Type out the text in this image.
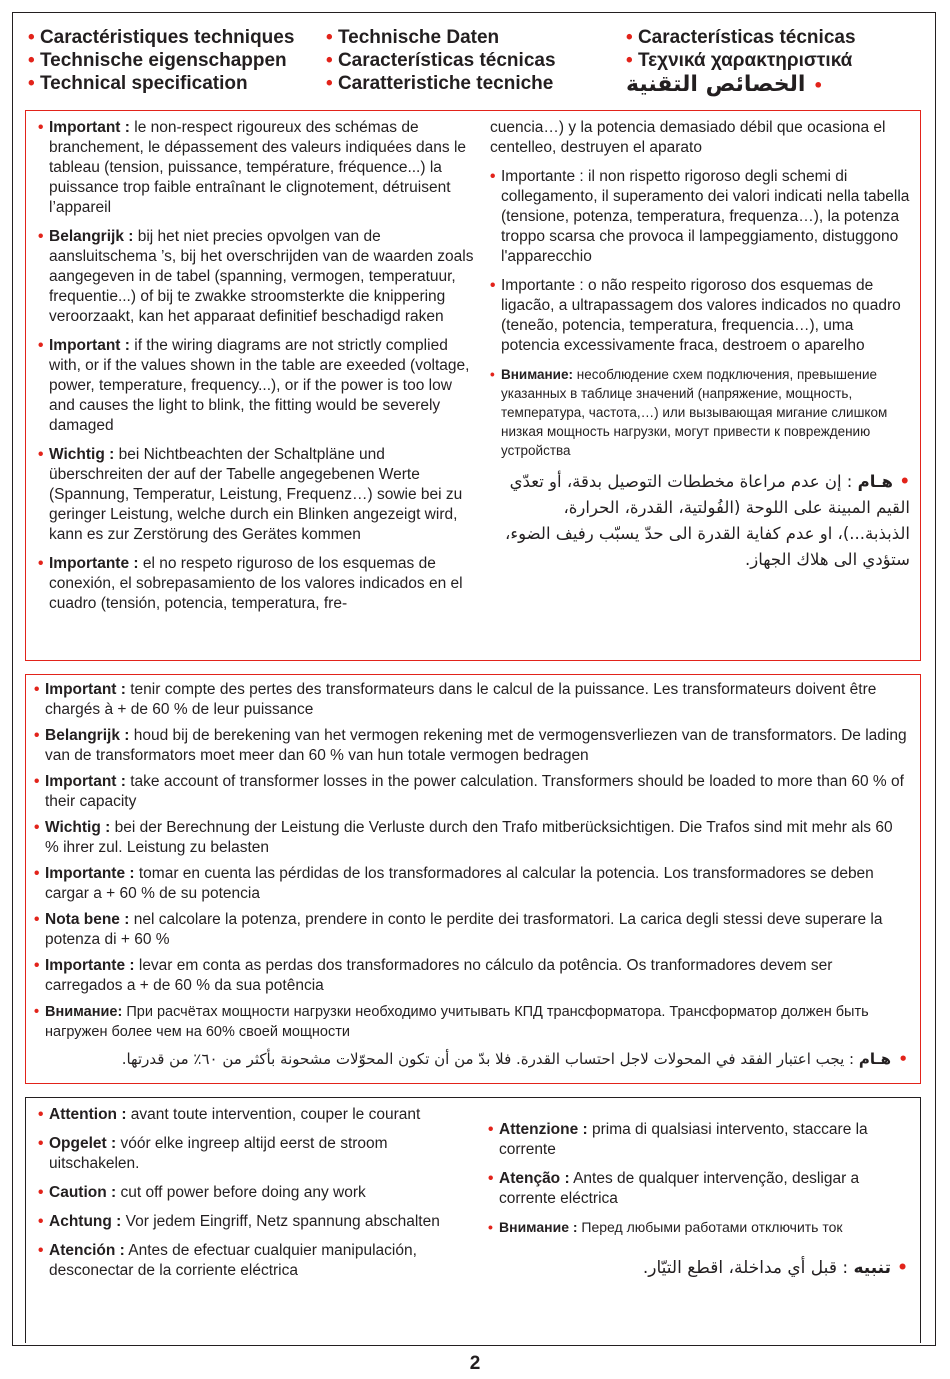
• Caractéristiques techniques
• Technische eigenschappen
• Technical specification
• Technische Daten
• Características técnicas
• Caratteristiche tecniche
• Características técnicas
• Τεχνικά χαρακτηριστικά
• الخصائص التقنية

• Important : le non-respect rigoureux des schémas de branchement, le dépassement des valeurs indiquées dans le tableau (tension, puissance, température, fréquence...) la puissance trop faible entraînant le clignotement, détruisent l’appareil

• Belangrijk : bij het niet precies opvolgen van de aansluitschema ’s, bij het overschrijden van de waarden zoals aangegeven in de tabel (spanning, vermogen, temperatuur, frequentie...) of bij te zwakke stroomsterkte die knippering veroorzaakt, kan het apparaat definitief beschadigd raken

• Important : if the wiring diagrams are not strictly complied with, or if the values shown in the table are exeeded (voltage, power, temperature, frequency...), or if the power is too low and causes the light to blink, the fitting would be severely damaged

• Wichtig : bei Nichtbeachten der Schaltpläne und überschreiten der auf der Tabelle angegebenen Werte (Spannung, Temperatur, Leistung, Frequenz…) sowie bei zu geringer Leistung, welche durch ein Blinken angezeigt wird, kann es zur Zerstörung des Gerätes kommen

• Importante : el no respeto riguroso de los esquemas de conexión, el sobrepasamiento de los valores indicados en el cuadro (tensión, potencia, temperatura, fre-

cuencia…) y la potencia demasiado débil que ocasiona el centelleo, destruyen el aparato

• Importante : il non rispetto rigoroso degli schemi di collegamento, il superamento dei valori indicati nella tabella (tensione, potenza, temperatura, frequenza…), la potenza troppo scarsa che provoca il lampeggiamento, distuggono l'apparecchio

• Importante : o não respeito rigoroso dos esquemas de ligacão, a ultrapassagem dos valores indicados no quadro (teneão, potencia, temperatura, frequencia…), uma potencia excessivamente fraca, destroem o aparelho

• Внимание: несоблюдение схем подключения, превышение указанных в таблице значений (напряжение, мощность, температура, частота,…) или вызывающая мигание слишком низкая мощность нагрузки, могут привести к повреждению устройства

•هـام : إن عدم مراعاة مخططات التوصيل بدقة، أو تعدّي القيم المبينة على اللوحة (الفُولتية، القدرة، الحرارة، الذبذبة...)، او عدم كفاية القدرة الى حدّ يسبّب رفيف الضوء، ستؤدي الى هلاك الجهاز.

• Important : tenir compte des pertes des transformateurs dans le calcul de la puissance. Les transformateurs doivent être chargés à + de 60 % de leur puissance

• Belangrijk : houd bij de berekening van het vermogen rekening met de vermogensverliezen van de transformators. De lading van de transformators moet meer dan 60 % van hun totale vermogen bedragen

• Important : take account of transformer losses in the power calculation. Transformers should be loaded to more than 60 % of their capacity

• Wichtig : bei der Berechnung der Leistung die Verluste durch den Trafo mitberücksichtigen. Die Trafos sind mit mehr als 60 % ihrer zul. Leistung zu belasten

• Importante : tomar en cuenta las pérdidas de los transformadores al calcular la potencia. Los transformadores se deben cargar a + 60 % de su potencia

• Nota bene : nel calcolare la potenza, prendere in conto le perdite dei trasformatori. La carica degli stessi deve superare la potenza di + 60 %

• Importante : levar em conta as perdas dos transformadores no cálculo da potência. Os tranformadores devem ser carregados a + de 60 % da sua potência

• Внимание: При расчётах мощности нагрузки необходимо учитывать КПД трансформатора. Трансформатор должен быть нагружен более чем на 60% своей мощности

•هـام : يجب اعتبار الفقد في المحولات لاجل احتساب القدرة. فلا بدّ من أن تكون المحوّلات مشحونة بأكثر من ٦٠٪ من قدرتها.

• Attention : avant toute intervention, couper le courant

• Opgelet : vóór elke ingreep altijd eerst de stroom uitschakelen.

• Caution : cut off power before doing any work

• Achtung : Vor jedem Eingriff, Netz spannung abschalten

• Atención : Antes de efectuar cualquier manipulación, desconectar de la corriente eléctrica

• Attenzione : prima di qualsiasi intervento, staccare la corrente

• Atenção : Antes de qualquer intervenção, desligar a corrente eléctrica

• Внимание : Перед любыми работами отключить ток

•تنبيه : قبل أي مداخلة، اقطع التيّار.

2
